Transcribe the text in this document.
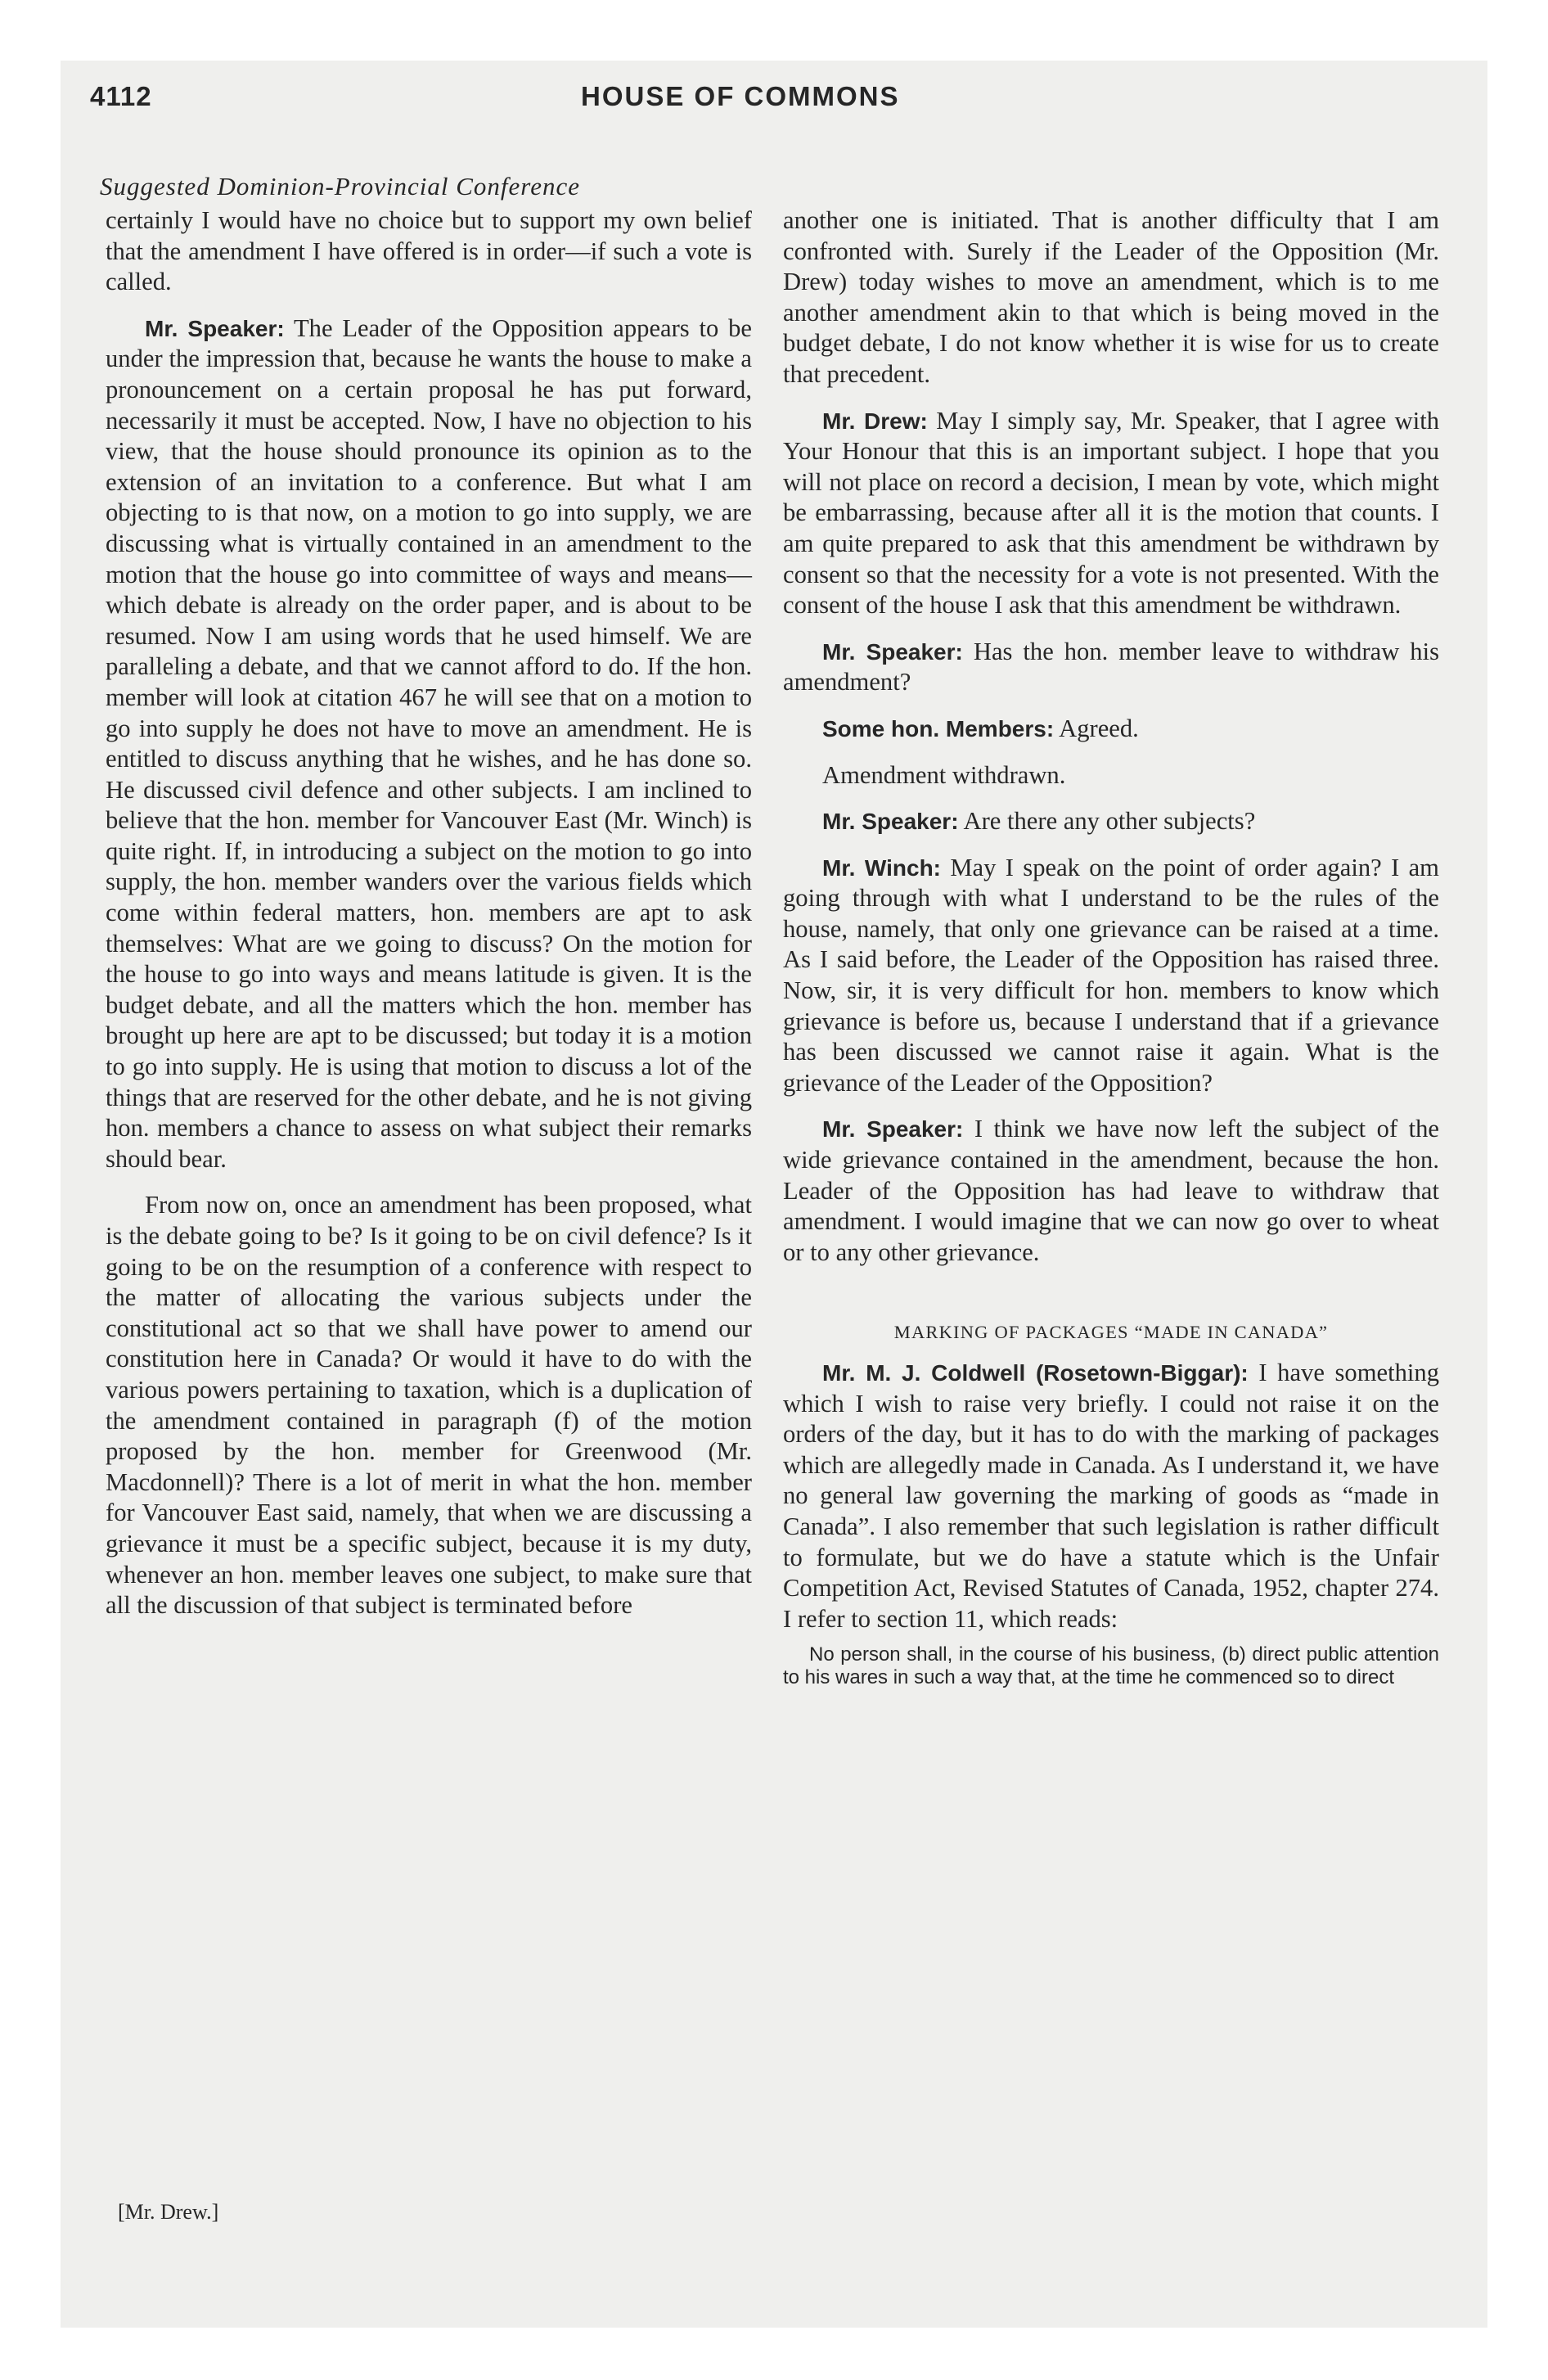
4112	HOUSE OF COMMONS
Suggested Dominion-Provincial Conference

certainly I would have no choice but to support my own belief that the amendment I have offered is in order—if such a vote is called.

Mr. Speaker: The Leader of the Opposition appears to be under the impression that, because he wants the house to make a pronouncement on a certain proposal he has put forward, necessarily it must be accepted. Now, I have no objection to his view, that the house should pronounce its opinion as to the extension of an invitation to a conference. But what I am objecting to is that now, on a motion to go into supply, we are discussing what is virtually contained in an amendment to the motion that the house go into committee of ways and means—which debate is already on the order paper, and is about to be resumed. Now I am using words that he used himself. We are paralleling a debate, and that we cannot afford to do. If the hon. member will look at citation 467 he will see that on a motion to go into supply he does not have to move an amendment. He is entitled to discuss anything that he wishes, and he has done so. He discussed civil defence and other subjects. I am inclined to believe that the hon. member for Vancouver East (Mr. Winch) is quite right. If, in introducing a subject on the motion to go into supply, the hon. member wanders over the various fields which come within federal matters, hon. members are apt to ask themselves: What are we going to discuss? On the motion for the house to go into ways and means latitude is given. It is the budget debate, and all the matters which the hon. member has brought up here are apt to be discussed; but today it is a motion to go into supply. He is using that motion to discuss a lot of the things that are reserved for the other debate, and he is not giving hon. members a chance to assess on what subject their remarks should bear.

From now on, once an amendment has been proposed, what is the debate going to be? Is it going to be on civil defence? Is it going to be on the resumption of a conference with respect to the matter of allocating the various subjects under the constitutional act so that we shall have power to amend our constitution here in Canada? Or would it have to do with the various powers pertaining to taxation, which is a duplication of the amendment contained in paragraph (f) of the motion proposed by the hon. member for Greenwood (Mr. Macdonnell)? There is a lot of merit in what the hon. member for Vancouver East said, namely, that when we are discussing a grievance it must be a specific subject, because it is my duty, whenever an hon. member leaves one subject, to make sure that all the discussion of that subject is terminated before

another one is initiated. That is another difficulty that I am confronted with. Surely if the Leader of the Opposition (Mr. Drew) today wishes to move an amendment, which is to me another amendment akin to that which is being moved in the budget debate, I do not know whether it is wise for us to create that precedent.

Mr. Drew: May I simply say, Mr. Speaker, that I agree with Your Honour that this is an important subject. I hope that you will not place on record a decision, I mean by vote, which might be embarrassing, because after all it is the motion that counts. I am quite prepared to ask that this amendment be withdrawn by consent so that the necessity for a vote is not presented. With the consent of the house I ask that this amendment be withdrawn.

Mr. Speaker: Has the hon. member leave to withdraw his amendment?

Some hon. Members: Agreed.

Amendment withdrawn.

Mr. Speaker: Are there any other subjects?

Mr. Winch: May I speak on the point of order again? I am going through with what I understand to be the rules of the house, namely, that only one grievance can be raised at a time. As I said before, the Leader of the Opposition has raised three. Now, sir, it is very difficult for hon. members to know which grievance is before us, because I understand that if a grievance has been discussed we cannot raise it again. What is the grievance of the Leader of the Opposition?

Mr. Speaker: I think we have now left the subject of the wide grievance contained in the amendment, because the hon. Leader of the Opposition has had leave to withdraw that amendment. I would imagine that we can now go over to wheat or to any other grievance.

MARKING OF PACKAGES “MADE IN CANADA”

Mr. M. J. Coldwell (Rosetown-Biggar): I have something which I wish to raise very briefly. I could not raise it on the orders of the day, but it has to do with the marking of packages which are allegedly made in Canada. As I understand it, we have no general law governing the marking of goods as “made in Canada”. I also remember that such legislation is rather difficult to formulate, but we do have a statute which is the Unfair Competition Act, Revised Statutes of Canada, 1952, chapter 274. I refer to section 11, which reads:

No person shall, in the course of his business, (b) direct public attention to his wares in such a way that, at the time he commenced so to direct

[Mr. Drew.]
